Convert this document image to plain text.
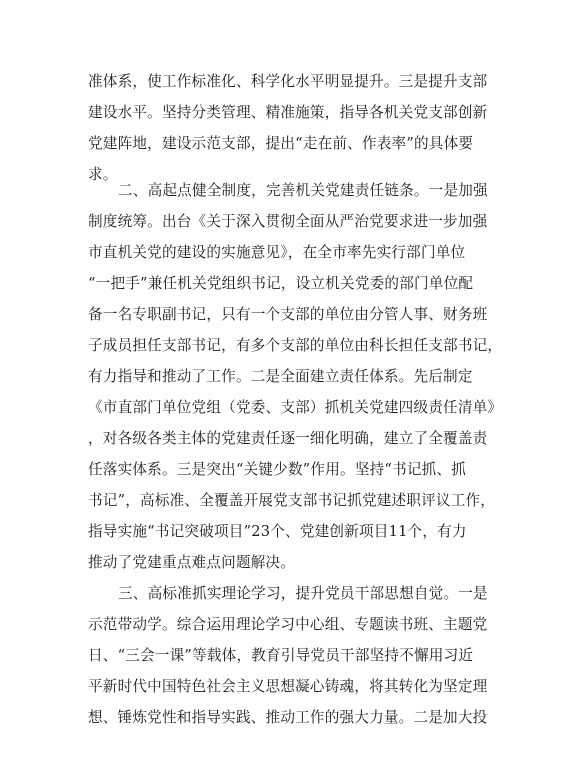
准体系，使工作标准化、科学化水平明显提升。三是提升支部
建设水平。坚持分类管理、精准施策，指导各机关党支部创新
党建阵地，建设示范支部，提出“走在前、作表率”的具体要
求。
二、高起点健全制度，完善机关党建责任链条。一是加强
制度统筹。出台《关于深入贯彻全面从严治党要求进一步加强
市直机关党的建设的实施意见》，在全市率先实行部门单位
“一把手”兼任机关党组织书记，设立机关党委的部门单位配
备一名专职副书记，只有一个支部的单位由分管人事、财务班
子成员担任支部书记，有多个支部的单位由科长担任支部书记，
有力指导和推动了工作。二是全面建立责任体系。先后制定
《市直部门单位党组（党委、支部）抓机关党建四级责任清单》
，对各级各类主体的党建责任逐一细化明确，建立了全覆盖责
任落实体系。三是突出“关键少数”作用。坚持“书记抓、抓
书记”，高标准、全覆盖开展党支部书记抓党建述职评议工作，
指导实施“书记突破项目”23个、党建创新项目11个，有力
推动了党建重点难点问题解决。
三、高标准抓实理论学习，提升党员干部思想自觉。一是
示范带动学。综合运用理论学习中心组、专题读书班、主题党
日、“三会一课”等载体，教育引导党员干部坚持不懈用习近
平新时代中国特色社会主义思想凝心铸魂，将其转化为坚定理
想、锤炼党性和指导实践、推动工作的强大力量。二是加大投
